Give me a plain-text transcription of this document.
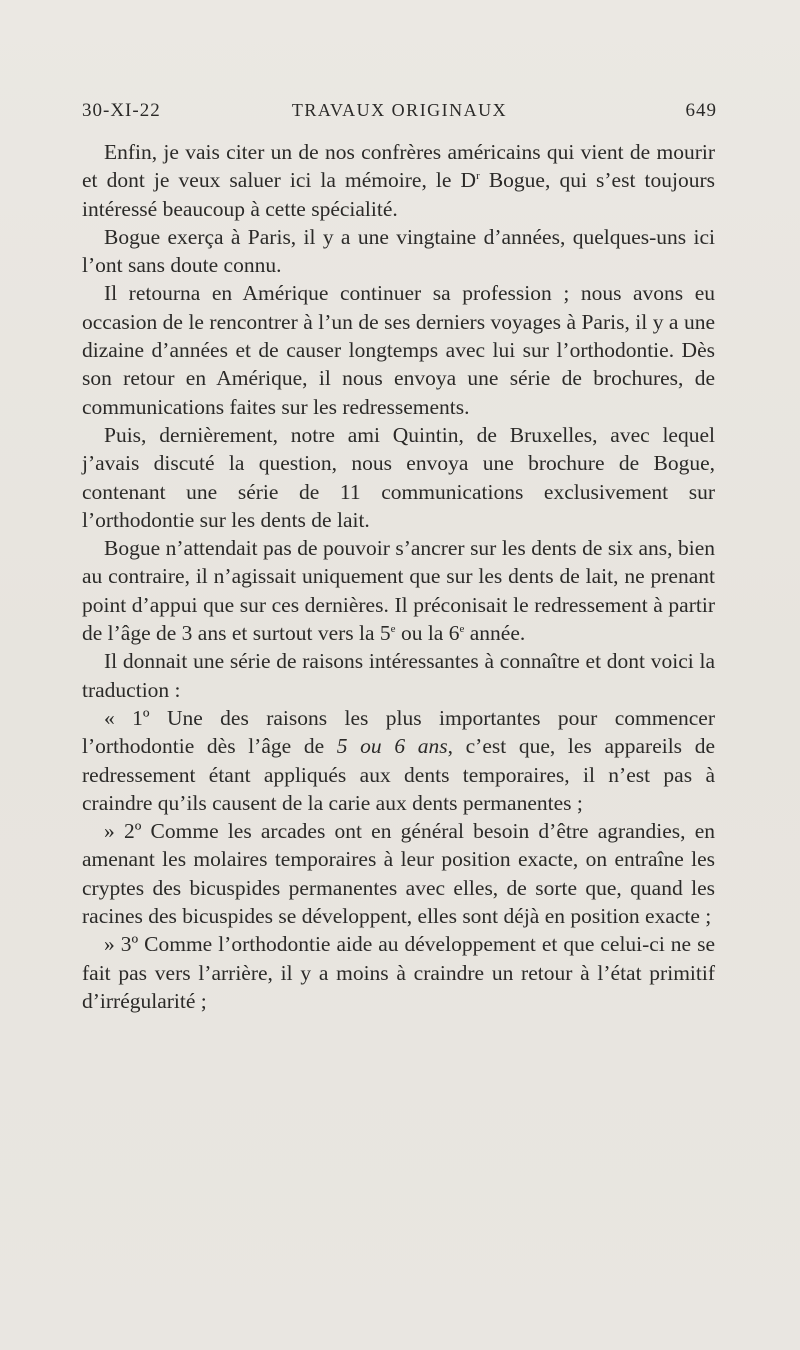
30-XI-22	TRAVAUX ORIGINAUX	649

Enfin, je vais citer un de nos confrères américains qui vient de mourir et dont je veux saluer ici la mémoire, le $D^r$ Bogue, qui s’est toujours intéressé beaucoup à cette spécialité.

Bogue exerça à Paris, il y a une vingtaine d’années, quelques-uns ici l’ont sans doute connu.

Il retourna en Amérique continuer sa profession ; nous avons eu occasion de le rencontrer à l’un de ses derniers voyages à Paris, il y a une dizaine d’années et de causer longtemps avec lui sur l’orthodontie. Dès son retour en Amérique, il nous envoya une série de brochures, de communications faites sur les redressements.

Puis, dernièrement, notre ami Quintin, de Bruxelles, avec lequel j’avais discuté la question, nous envoya une brochure de Bogue, contenant une série de 11 communications exclusivement sur l’orthodontie sur les dents de lait.

Bogue n’attendait pas de pouvoir s’ancrer sur les dents de six ans, bien au contraire, il n’agissait uniquement que sur les dents de lait, ne prenant point d’appui que sur ces dernières. Il préconisait le redressement à partir de l’âge de 3 ans et surtout vers la 5e ou la 6e année.

Il donnait une série de raisons intéressantes à connaître et dont voici la traduction :

« 1º Une des raisons les plus importantes pour commencer l’orthodontie dès l’âge de 5 ou 6 ans, c’est que, les appareils de redressement étant appliqués aux dents temporaires, il n’est pas à craindre qu’ils causent de la carie aux dents permanentes ;

» 2º Comme les arcades ont en général besoin d’être agrandies, en amenant les molaires temporaires à leur position exacte, on entraîne les cryptes des bicuspides permanentes avec elles, de sorte que, quand les racines des bicuspides se développent, elles sont déjà en position exacte ;

» 3º Comme l’orthodontie aide au développement et que celui-ci ne se fait pas vers l’arrière, il y a moins à craindre un retour à l’état primitif d’irrégularité ;
